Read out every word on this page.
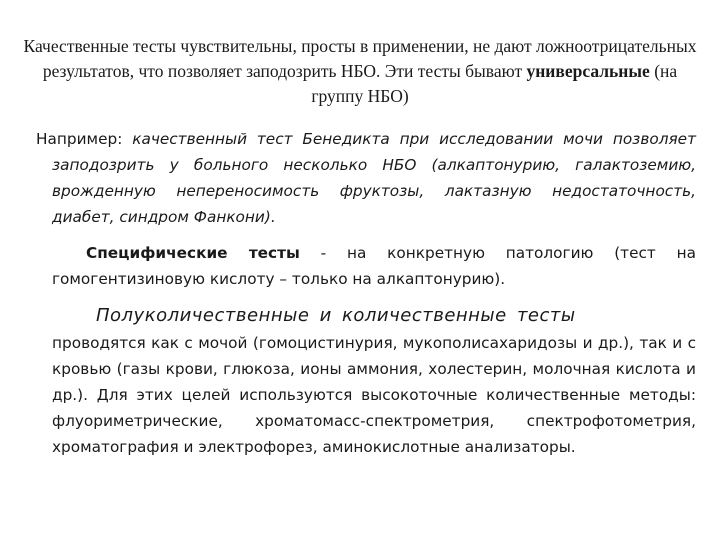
Качественные тесты чувствительны, просты в применении, не дают ложноотрицательных результатов, что позволяет заподозрить НБО. Эти тесты бывают универсальные (на группу НБО)

Например: качественный тест Бенедикта при исследовании мочи позволяет заподозрить у больного несколько НБО (алкаптонурию, галактоземию, врожденную непереносимость фруктозы, лактазную недостаточность, диабет, синдром Фанкони).

Специфические тесты - на конкретную патологию (тест на гомогентизиновую кислоту – только на алкаптонурию).

Полуколичественные и количественные тесты

проводятся как с мочой (гомоцистинурия, мукополисахаридозы и др.), так и с кровью (газы крови, глюкоза, ионы аммония, холестерин, молочная кислота и др.). Для этих целей используются высокоточные количественные методы: флуориметрические, хроматомасс-спектрометрия, спектрофотометрия, хроматография и электрофорез, аминокислотные анализаторы.
